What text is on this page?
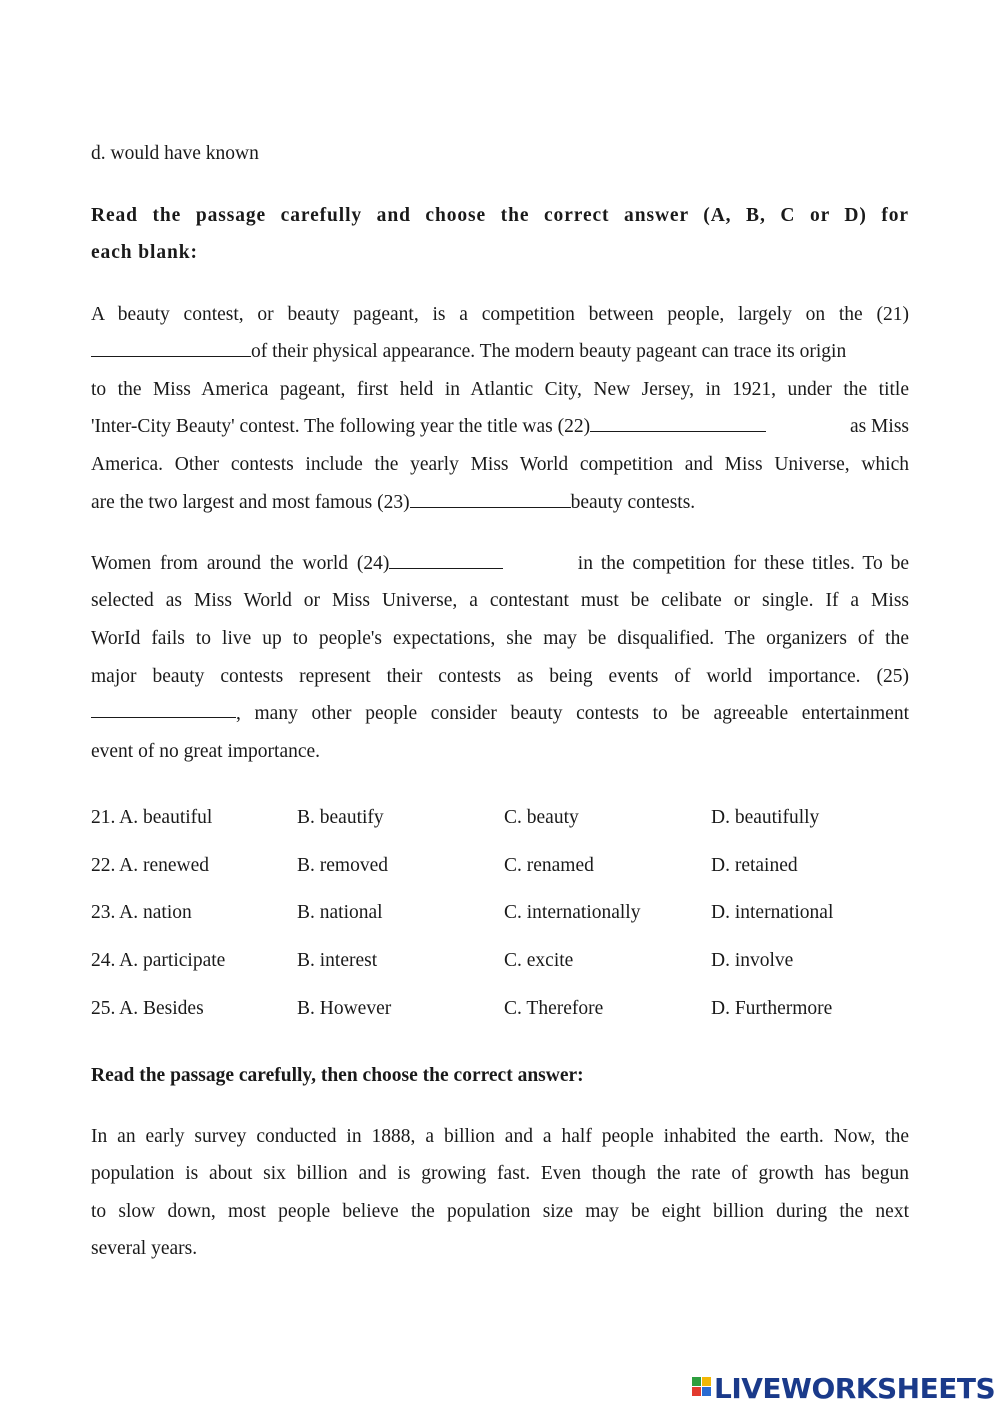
d. would have known
Read the passage carefully and choose the correct answer (A, B, C or D) for
each blank:
A beauty contest, or beauty pageant, is a competition between people, largely on the (21)
of their physical appearance. The modern beauty pageant can trace its origin
to the Miss America pageant, first held in Atlantic City, New Jersey, in 1921, under the title
'Inter-City Beauty' contest. The following year the title was (22)	as Miss
America. Other contests include the yearly Miss World competition and Miss Universe, which
are the two largest and most famous (23)	beauty contests.
Women from around the world (24)	in the competition for these titles. To be
selected as Miss World or Miss Universe, a contestant must be celibate or single. If a Miss
WorId fails to live up to people's expectations, she may be disqualified. The organizers of the
major beauty contests represent their contests as being events of world importance. (25)
, many other people consider beauty contests to be agreeable entertainment
event of no great importance.
21. A. beautiful	B. beautify	C. beauty	D. beautifully
22. A. renewed	B. removed	C. renamed	D. retained
23. A. nation	B. national	C. internationally	D. international
24. A. participate	B. interest	C. excite	D. involve
25. A. Besides	B. However	C. Therefore	D. Furthermore
Read the passage carefully, then choose the correct answer:
In an early survey conducted in 1888, a billion and a half people inhabited the earth. Now, the
population is about six billion and is growing fast. Even though the rate of growth has begun
to slow down, most people believe the population size may be eight billion during the next
several years.
LIVEWORKSHEETS
